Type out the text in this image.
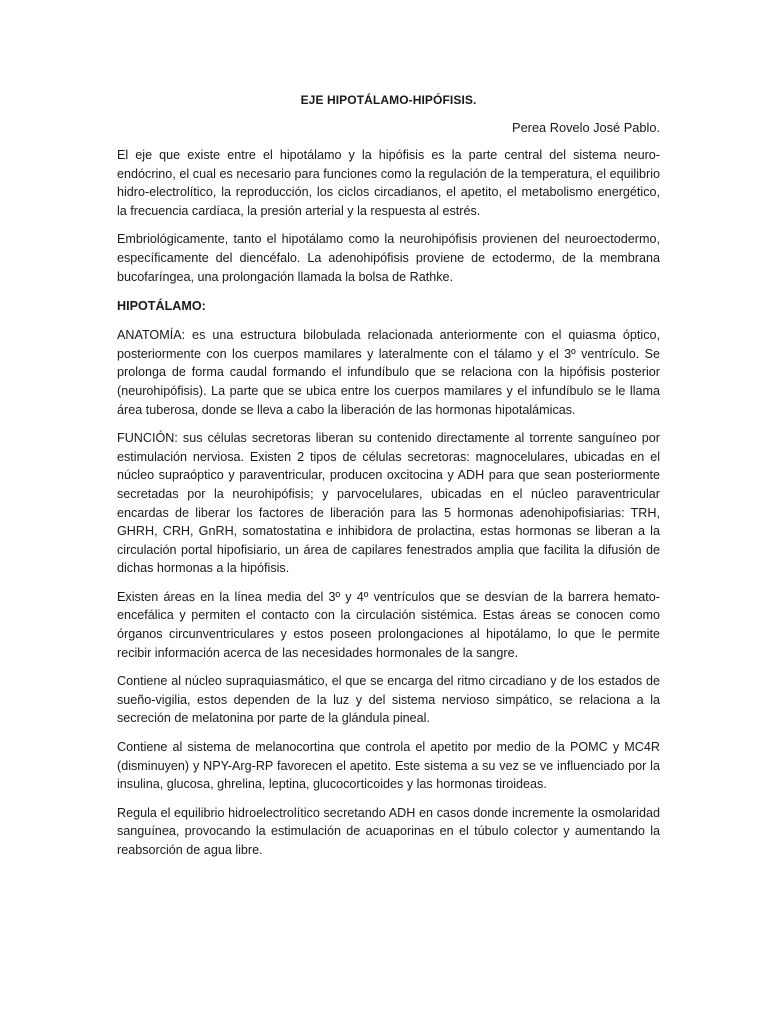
EJE HIPOTÁLAMO-HIPÓFISIS.
Perea Rovelo José Pablo.

El eje que existe entre el hipotálamo y la hipófisis es la parte central del sistema neuro-endócrino, el cual es necesario para funciones como la regulación de la temperatura, el equilibrio hidro-electrolítico, la reproducción, los ciclos circadianos, el apetito, el metabolismo energético, la frecuencia cardíaca, la presión arterial y la respuesta al estrés.

Embriológicamente, tanto el hipotálamo como la neurohipófisis provienen del neuroectodermo, específicamente del diencéfalo. La adenohipófisis proviene de ectodermo, de la membrana bucofaríngea, una prolongación llamada la bolsa de Rathke.

HIPOTÁLAMO:

ANATOMÍA: es una estructura bilobulada relacionada anteriormente con el quiasma óptico, posteriormente con los cuerpos mamilares y lateralmente con el tálamo y el 3º ventrículo. Se prolonga de forma caudal formando el infundíbulo que se relaciona con la hipófisis posterior (neurohipófisis). La parte que se ubica entre los cuerpos mamilares y el infundíbulo se le llama área tuberosa, donde se lleva a cabo la liberación de las hormonas hipotalámicas.

FUNCIÓN: sus células secretoras liberan su contenido directamente al torrente sanguíneo por estimulación nerviosa. Existen 2 tipos de células secretoras: magnocelulares, ubicadas en el núcleo supraóptico y paraventricular, producen oxcitocina y ADH para que sean posteriormente secretadas por la neurohipófisis; y parvocelulares, ubicadas en el núcleo paraventricular encardas de liberar los factores de liberación para las 5 hormonas adenohipofisiarias: TRH, GHRH, CRH, GnRH, somatostatina e inhibidora de prolactina, estas hormonas se liberan a la circulación portal hipofisiario, un área de capilares fenestrados amplia que facilita la difusión de dichas hormonas a la hipófisis.

Existen áreas en la línea media del 3º y 4º ventrículos que se desvían de la barrera hemato-encefálica y permiten el contacto con la circulación sistémica. Estas áreas se conocen como órganos circunventriculares y estos poseen prolongaciones al hipotálamo, lo que le permite recibir información acerca de las necesidades hormonales de la sangre.

Contiene al núcleo supraquiasmático, el que se encarga del ritmo circadiano y de los estados de sueño-vigilia, estos dependen de la luz y del sistema nervioso simpático, se relaciona a la secreción de melatonina por parte de la glándula pineal.

Contiene al sistema de melanocortina que controla el apetito por medio de la POMC y MC4R (disminuyen) y NPY-Arg-RP favorecen el apetito. Este sistema a su vez se ve influenciado por la insulina, glucosa, ghrelina, leptina, glucocorticoides y las hormonas tiroideas.

Regula el equilibrio hidroelectrolítico secretando ADH en casos donde incremente la osmolaridad sanguínea, provocando la estimulación de acuaporinas en el túbulo colector y aumentando la reabsorción de agua libre.
